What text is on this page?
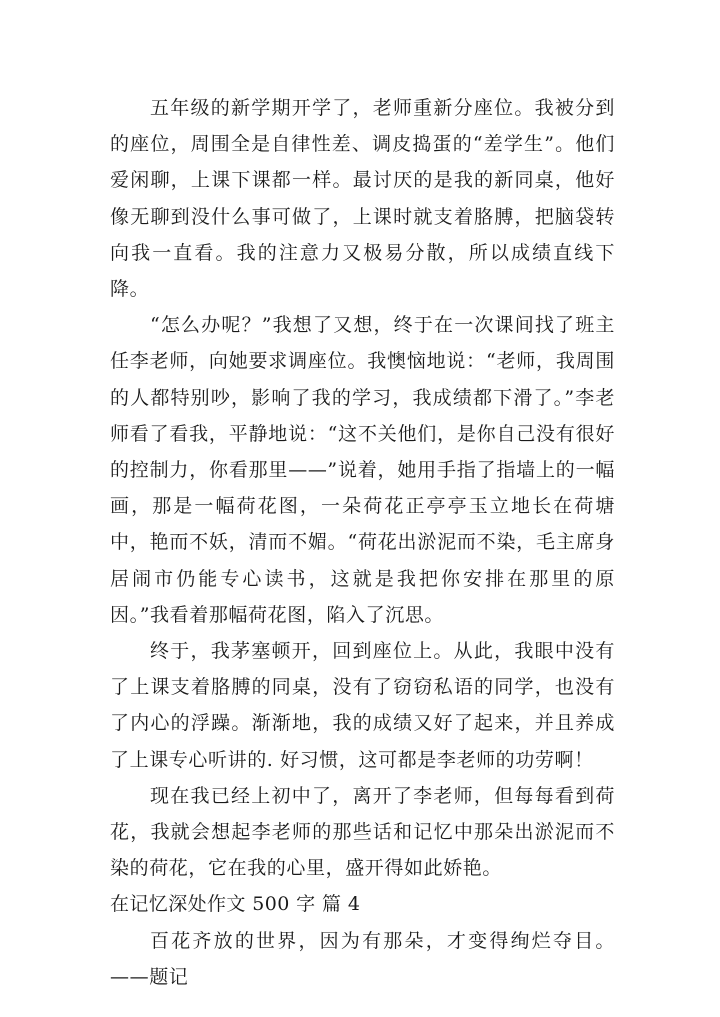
五年级的新学期开学了，老师重新分座位。我被分到的座位，周围全是自律性差、调皮捣蛋的“差学生”。他们爱闲聊，上课下课都一样。最讨厌的是我的新同桌，他好像无聊到没什么事可做了，上课时就支着胳膊，把脑袋转向我一直看。我的注意力又极易分散，所以成绩直线下降。

“怎么办呢？”我想了又想，终于在一次课间找了班主任李老师，向她要求调座位。我懊恼地说：“老师，我周围的人都特别吵，影响了我的学习，我成绩都下滑了。”李老师看了看我，平静地说：“这不关他们，是你自己没有很好的控制力，你看那里——”说着，她用手指了指墙上的一幅画，那是一幅荷花图，一朵荷花正亭亭玉立地长在荷塘中，艳而不妖，清而不媚。“荷花出淤泥而不染，毛主席身居闹市仍能专心读书，这就是我把你安排在那里的原因。”我看着那幅荷花图，陷入了沉思。

终于，我茅塞顿开，回到座位上。从此，我眼中没有了上课支着胳膊的同桌，没有了窃窃私语的同学，也没有了内心的浮躁。渐渐地，我的成绩又好了起来，并且养成了上课专心听讲的. 好习惯，这可都是李老师的功劳啊！

现在我已经上初中了，离开了李老师，但每每看到荷花，我就会想起李老师的那些话和记忆中那朵出淤泥而不染的荷花，它在我的心里，盛开得如此娇艳。

在记忆深处作文 500 字 篇 4

百花齐放的世界，因为有那朵，才变得绚烂夺目。——题记
